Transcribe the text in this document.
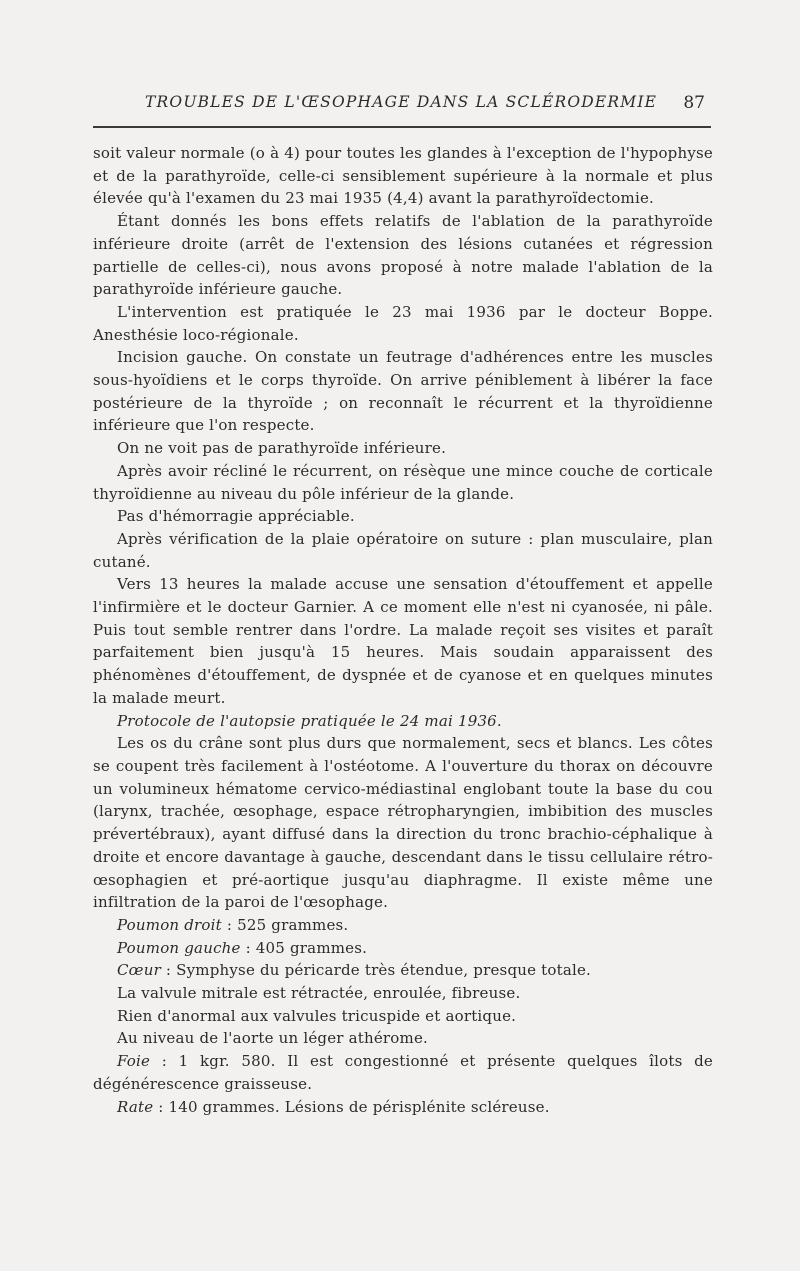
TROUBLES DE L'ŒSOPHAGE DANS LA SCLÉRODERMIE 87

soit valeur normale (o à 4) pour toutes les glandes à l'exception de l'hypophyse et de la parathyroïde, celle-ci sensiblement supérieure à la normale et plus élevée qu'à l'examen du 23 mai 1935 (4,4) avant la parathyroïdectomie.

Étant donnés les bons effets relatifs de l'ablation de la parathyroïde inférieure droite (arrêt de l'extension des lésions cutanées et régression partielle de celles-ci), nous avons proposé à notre malade l'ablation de la parathyroïde inférieure gauche.

L'intervention est pratiquée le 23 mai 1936 par le docteur Boppe. Anesthésie loco-régionale.

Incision gauche. On constate un feutrage d'adhérences entre les muscles sous-hyoïdiens et le corps thyroïde. On arrive péniblement à libérer la face postérieure de la thyroïde ; on reconnaît le récurrent et la thyroïdienne inférieure que l'on respecte.

On ne voit pas de parathyroïde inférieure.

Après avoir récliné le récurrent, on résèque une mince couche de corticale thyroïdienne au niveau du pôle inférieur de la glande.

Pas d'hémorragie appréciable.

Après vérification de la plaie opératoire on suture : plan musculaire, plan cutané.

Vers 13 heures la malade accuse une sensation d'étouffement et appelle l'infirmière et le docteur Garnier. A ce moment elle n'est ni cyanosée, ni pâle. Puis tout semble rentrer dans l'ordre. La malade reçoit ses visites et paraît parfaitement bien jusqu'à 15 heures. Mais soudain apparaissent des phénomènes d'étouffement, de dyspnée et de cyanose et en quelques minutes la malade meurt.

Protocole de l'autopsie pratiquée le 24 mai 1936.

Les os du crâne sont plus durs que normalement, secs et blancs. Les côtes se coupent très facilement à l'ostéotome. A l'ouverture du thorax on découvre un volumineux hématome cervico-médiastinal englobant toute la base du cou (larynx, trachée, œsophage, espace rétropharyngien, imbibition des muscles prévertébraux), ayant diffusé dans la direction du tronc brachio-céphalique à droite et encore davantage à gauche, descendant dans le tissu cellulaire rétro-œsophagien et pré-aortique jusqu'au diaphragme. Il existe même une infiltration de la paroi de l'œsophage.

Poumon droit : 525 grammes.

Poumon gauche : 405 grammes.

Cœur : Symphyse du péricarde très étendue, presque totale.

La valvule mitrale est rétractée, enroulée, fibreuse.

Rien d'anormal aux valvules tricuspide et aortique.

Au niveau de l'aorte un léger athérome.

Foie : 1 kgr. 580. Il est congestionné et présente quelques îlots de dégénérescence graisseuse.

Rate : 140 grammes. Lésions de périsplénite scléreuse.
